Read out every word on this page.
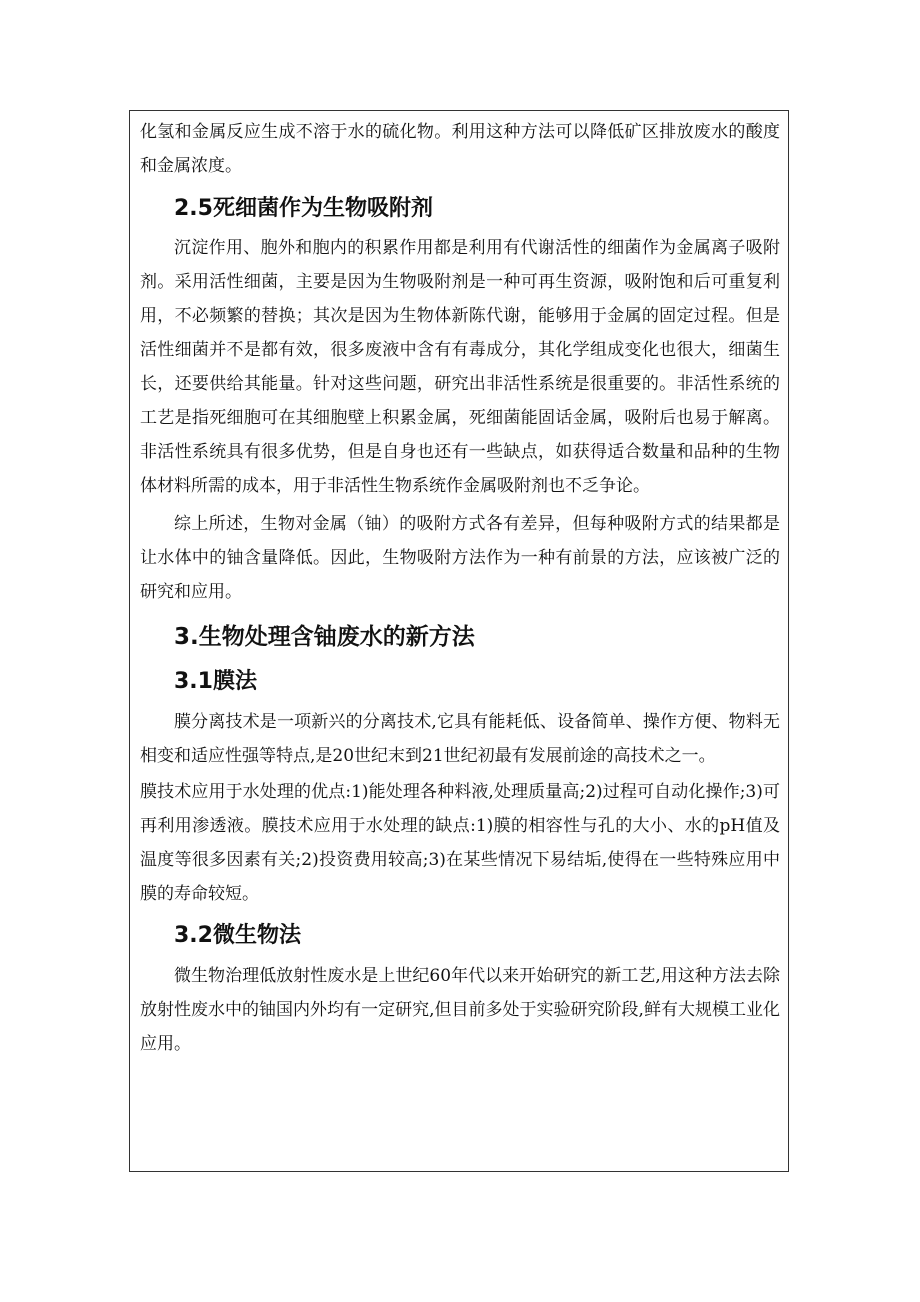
化氢和金属反应生成不溶于水的硫化物。利用这种方法可以降低矿区排放废水的酸度和金属浓度。

2.5死细菌作为生物吸附剂

沉淀作用、胞外和胞内的积累作用都是利用有代谢活性的细菌作为金属离子吸附剂。采用活性细菌，主要是因为生物吸附剂是一种可再生资源，吸附饱和后可重复利用，不必频繁的替换；其次是因为生物体新陈代谢，能够用于金属的固定过程。但是活性细菌并不是都有效，很多废液中含有有毒成分，其化学组成变化也很大，细菌生长，还要供给其能量。针对这些问题，研究出非活性系统是很重要的。非活性系统的工艺是指死细胞可在其细胞壁上积累金属，死细菌能固话金属，吸附后也易于解离。非活性系统具有很多优势，但是自身也还有一些缺点，如获得适合数量和品种的生物体材料所需的成本，用于非活性生物系统作金属吸附剂也不乏争论。

综上所述，生物对金属（铀）的吸附方式各有差异，但每种吸附方式的结果都是让水体中的铀含量降低。因此，生物吸附方法作为一种有前景的方法，应该被广泛的研究和应用。

3.生物处理含铀废水的新方法
3.1膜法

膜分离技术是一项新兴的分离技术,它具有能耗低、设备简单、操作方便、物料无相变和适应性强等特点,是20世纪末到21世纪初最有发展前途的高技术之一。

膜技术应用于水处理的优点:1)能处理各种料液,处理质量高;2)过程可自动化操作;3)可再利用渗透液。膜技术应用于水处理的缺点:1)膜的相容性与孔的大小、水的pH值及温度等很多因素有关;2)投资费用较高;3)在某些情况下易结垢,使得在一些特殊应用中膜的寿命较短。

3.2微生物法

微生物治理低放射性废水是上世纪60年代以来开始研究的新工艺,用这种方法去除放射性废水中的铀国内外均有一定研究,但目前多处于实验研究阶段,鲜有大规模工业化应用。
